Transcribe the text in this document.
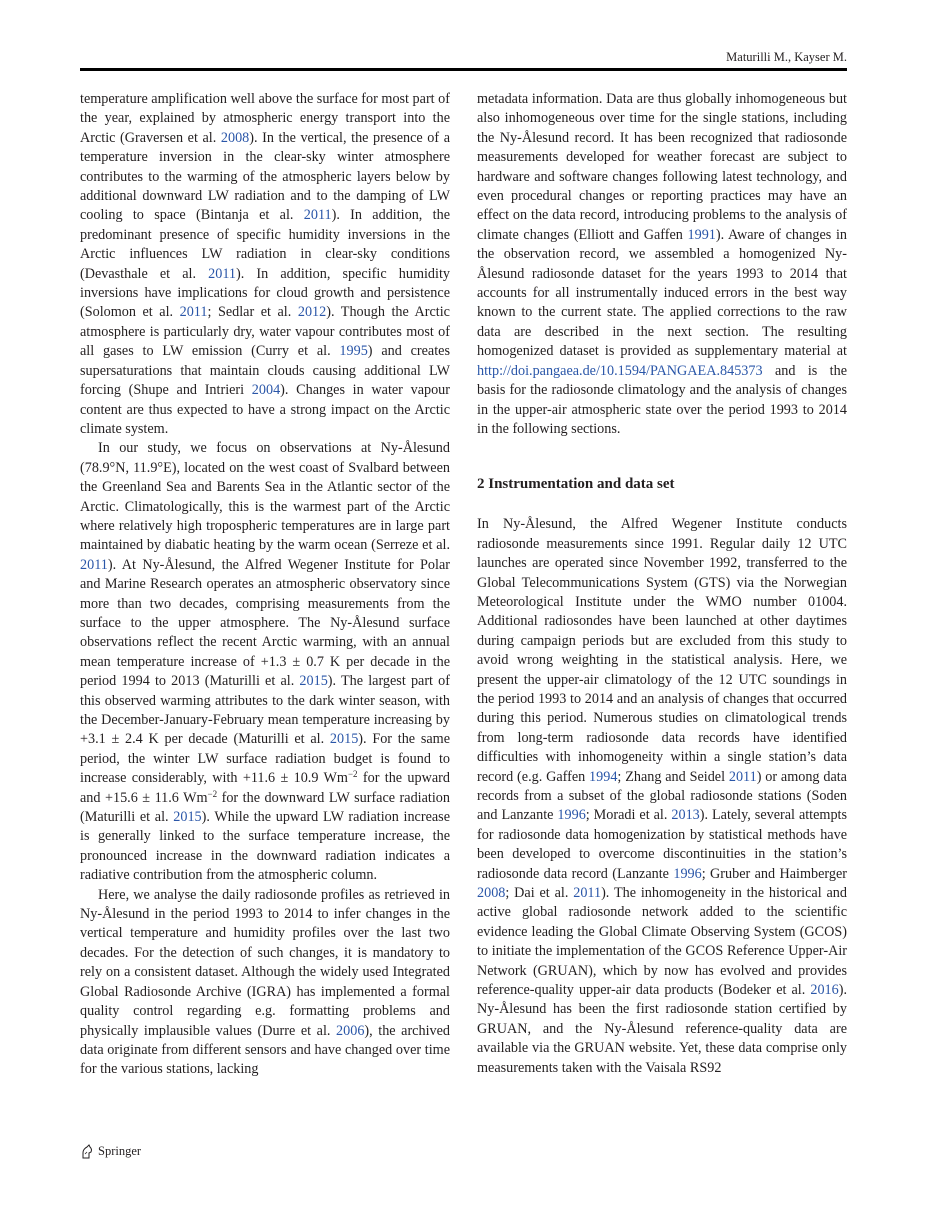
Maturilli M., Kayser M.

temperature amplification well above the surface for most part of the year, explained by atmospheric energy transport into the Arctic (Graversen et al. 2008). In the vertical, the presence of a temperature inversion in the clear-sky winter atmosphere contributes to the warming of the atmospheric layers below by additional downward LW radiation and to the damping of LW cooling to space (Bintanja et al. 2011). In addition, the predominant presence of specific humidity inversions in the Arctic influences LW radiation in clear-sky conditions (Devasthale et al. 2011). In addition, specific humidity inversions have implications for cloud growth and persistence (Solomon et al. 2011; Sedlar et al. 2012). Though the Arctic atmosphere is particularly dry, water vapour contributes most of all gases to LW emission (Curry et al. 1995) and creates supersaturations that maintain clouds causing additional LW forcing (Shupe and Intrieri 2004). Changes in water vapour content are thus expected to have a strong impact on the Arctic climate system.

In our study, we focus on observations at Ny-Ålesund (78.9°N, 11.9°E), located on the west coast of Svalbard between the Greenland Sea and Barents Sea in the Atlantic sector of the Arctic. Climatologically, this is the warmest part of the Arctic where relatively high tropospheric temperatures are in large part maintained by diabatic heating by the warm ocean (Serreze et al. 2011). At Ny-Ålesund, the Alfred Wegener Institute for Polar and Marine Research operates an atmospheric observatory since more than two decades, comprising measurements from the surface to the upper atmosphere. The Ny-Ålesund surface observations reflect the recent Arctic warming, with an annual mean temperature increase of +1.3 ± 0.7 K per decade in the period 1994 to 2013 (Maturilli et al. 2015). The largest part of this observed warming attributes to the dark winter season, with the December-January-February mean temperature increasing by +3.1 ± 2.4 K per decade (Maturilli et al. 2015). For the same period, the winter LW surface radiation budget is found to increase considerably, with +11.6 ± 10.9 $Wm^{-2}$ for the upward and +15.6 ± 11.6 $Wm^{-2}$ for the downward LW surface radiation (Maturilli et al. 2015). While the upward LW radiation increase is generally linked to the surface temperature increase, the pronounced increase in the downward radiation indicates a radiative contribution from the atmospheric column.

Here, we analyse the daily radiosonde profiles as retrieved in Ny-Ålesund in the period 1993 to 2014 to infer changes in the vertical temperature and humidity profiles over the last two decades. For the detection of such changes, it is mandatory to rely on a consistent dataset. Although the widely used Integrated Global Radiosonde Archive (IGRA) has implemented a formal quality control regarding e.g. formatting problems and physically implausible values (Durre et al. 2006), the archived data originate from different sensors and have changed over time for the various stations, lacking

metadata information. Data are thus globally inhomogeneous but also inhomogeneous over time for the single stations, including the Ny-Ålesund record. It has been recognized that radiosonde measurements developed for weather forecast are subject to hardware and software changes following latest technology, and even procedural changes or reporting practices may have an effect on the data record, introducing problems to the analysis of climate changes (Elliott and Gaffen 1991). Aware of changes in the observation record, we assembled a homogenized Ny-Ålesund radiosonde dataset for the years 1993 to 2014 that accounts for all instrumentally induced errors in the best way known to the current state. The applied corrections to the raw data are described in the next section. The resulting homogenized dataset is provided as supplementary material at http://doi.pangaea.de/10.1594/PANGAEA.845373 and is the basis for the radiosonde climatology and the analysis of changes in the upper-air atmospheric state over the period 1993 to 2014 in the following sections.

2 Instrumentation and data set

In Ny-Ålesund, the Alfred Wegener Institute conducts radiosonde measurements since 1991. Regular daily 12 UTC launches are operated since November 1992, transferred to the Global Telecommunications System (GTS) via the Norwegian Meteorological Institute under the WMO number 01004. Additional radiosondes have been launched at other daytimes during campaign periods but are excluded from this study to avoid wrong weighting in the statistical analysis. Here, we present the upper-air climatology of the 12 UTC soundings in the period 1993 to 2014 and an analysis of changes that occurred during this period. Numerous studies on climatological trends from long-term radiosonde data records have identified difficulties with inhomogeneity within a single station’s data record (e.g. Gaffen 1994; Zhang and Seidel 2011) or among data records from a subset of the global radiosonde stations (Soden and Lanzante 1996; Moradi et al. 2013). Lately, several attempts for radiosonde data homogenization by statistical methods have been developed to overcome discontinuities in the station’s radiosonde data record (Lanzante 1996; Gruber and Haimberger 2008; Dai et al. 2011). The inhomogeneity in the historical and active global radiosonde network added to the scientific evidence leading the Global Climate Observing System (GCOS) to initiate the implementation of the GCOS Reference Upper-Air Network (GRUAN), which by now has evolved and provides reference-quality upper-air data products (Bodeker et al. 2016). Ny-Ålesund has been the first radiosonde station certified by GRUAN, and the Ny-Ålesund reference-quality data are available via the GRUAN website. Yet, these data comprise only measurements taken with the Vaisala RS92

Springer
